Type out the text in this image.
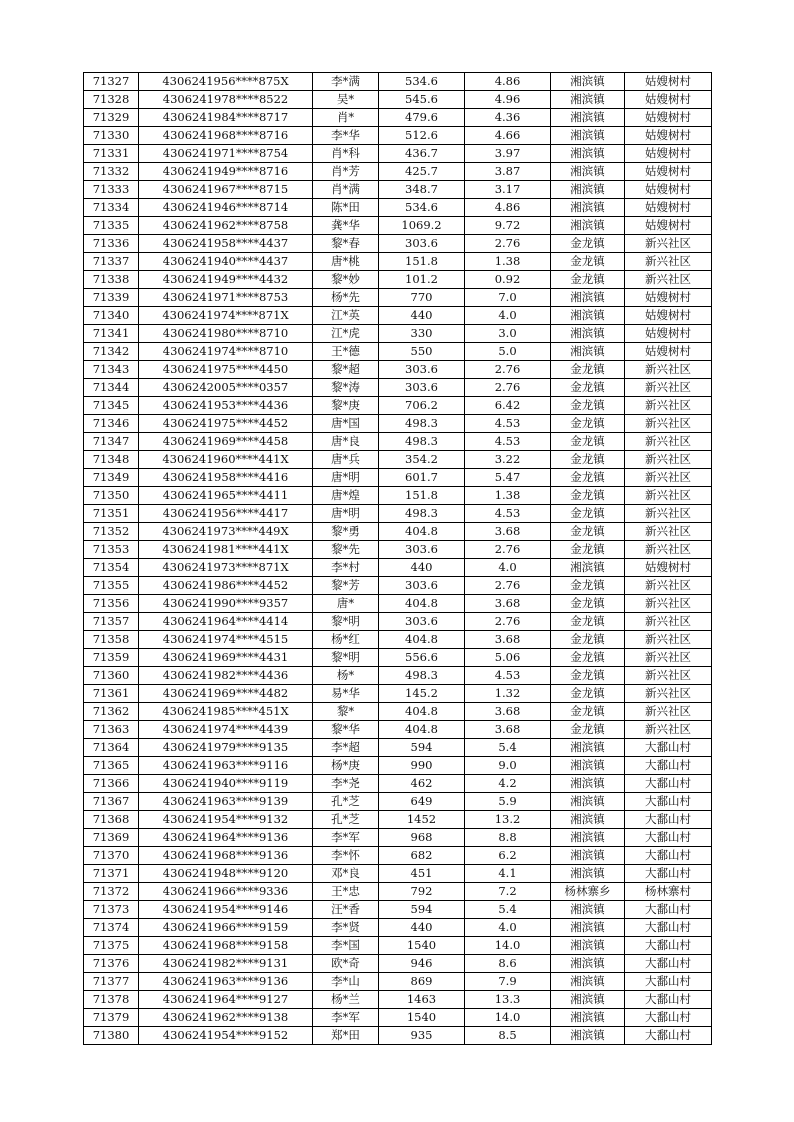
71327	4306241956****875X	李*满	534.6	4.86	湘滨镇	姑嫂树村
71328	4306241978****8522	吴*	545.6	4.96	湘滨镇	姑嫂树村
71329	4306241984****8717	肖*	479.6	4.36	湘滨镇	姑嫂树村
71330	4306241968****8716	李*华	512.6	4.66	湘滨镇	姑嫂树村
71331	4306241971****8754	肖*科	436.7	3.97	湘滨镇	姑嫂树村
71332	4306241949****8716	肖*芳	425.7	3.87	湘滨镇	姑嫂树村
71333	4306241967****8715	肖*满	348.7	3.17	湘滨镇	姑嫂树村
71334	4306241946****8714	陈*田	534.6	4.86	湘滨镇	姑嫂树村
71335	4306241962****8758	龚*华	1069.2	9.72	湘滨镇	姑嫂树村
71336	4306241958****4437	黎*春	303.6	2.76	金龙镇	新兴社区
71337	4306241940****4437	唐*桃	151.8	1.38	金龙镇	新兴社区
71338	4306241949****4432	黎*妙	101.2	0.92	金龙镇	新兴社区
71339	4306241971****8753	杨*先	770	7.0	湘滨镇	姑嫂树村
71340	4306241974****871X	江*英	440	4.0	湘滨镇	姑嫂树村
71341	4306241980****8710	江*虎	330	3.0	湘滨镇	姑嫂树村
71342	4306241974****8710	王*德	550	5.0	湘滨镇	姑嫂树村
71343	4306241975****4450	黎*超	303.6	2.76	金龙镇	新兴社区
71344	4306242005****0357	黎*涛	303.6	2.76	金龙镇	新兴社区
71345	4306241953****4436	黎*庚	706.2	6.42	金龙镇	新兴社区
71346	4306241975****4452	唐*国	498.3	4.53	金龙镇	新兴社区
71347	4306241969****4458	唐*良	498.3	4.53	金龙镇	新兴社区
71348	4306241960****441X	唐*兵	354.2	3.22	金龙镇	新兴社区
71349	4306241958****4416	唐*明	601.7	5.47	金龙镇	新兴社区
71350	4306241965****4411	唐*煌	151.8	1.38	金龙镇	新兴社区
71351	4306241956****4417	唐*明	498.3	4.53	金龙镇	新兴社区
71352	4306241973****449X	黎*勇	404.8	3.68	金龙镇	新兴社区
71353	4306241981****441X	黎*先	303.6	2.76	金龙镇	新兴社区
71354	4306241973****871X	李*村	440	4.0	湘滨镇	姑嫂树村
71355	4306241986****4452	黎*芳	303.6	2.76	金龙镇	新兴社区
71356	4306241990****9357	唐*	404.8	3.68	金龙镇	新兴社区
71357	4306241964****4414	黎*明	303.6	2.76	金龙镇	新兴社区
71358	4306241974****4515	杨*红	404.8	3.68	金龙镇	新兴社区
71359	4306241969****4431	黎*明	556.6	5.06	金龙镇	新兴社区
71360	4306241982****4436	杨*	498.3	4.53	金龙镇	新兴社区
71361	4306241969****4482	易*华	145.2	1.32	金龙镇	新兴社区
71362	4306241985****451X	黎*	404.8	3.68	金龙镇	新兴社区
71363	4306241974****4439	黎*华	404.8	3.68	金龙镇	新兴社区
71364	4306241979****9135	李*超	594	5.4	湘滨镇	大鄱山村
71365	4306241963****9116	杨*庚	990	9.0	湘滨镇	大鄱山村
71366	4306241940****9119	李*尧	462	4.2	湘滨镇	大鄱山村
71367	4306241963****9139	孔*芝	649	5.9	湘滨镇	大鄱山村
71368	4306241954****9132	孔*芝	1452	13.2	湘滨镇	大鄱山村
71369	4306241964****9136	李*军	968	8.8	湘滨镇	大鄱山村
71370	4306241968****9136	李*怀	682	6.2	湘滨镇	大鄱山村
71371	4306241948****9120	邓*良	451	4.1	湘滨镇	大鄱山村
71372	4306241966****9336	王*忠	792	7.2	杨林寨乡	杨林寨村
71373	4306241954****9146	汪*香	594	5.4	湘滨镇	大鄱山村
71374	4306241966****9159	李*贤	440	4.0	湘滨镇	大鄱山村
71375	4306241968****9158	李*国	1540	14.0	湘滨镇	大鄱山村
71376	4306241982****9131	欧*奇	946	8.6	湘滨镇	大鄱山村
71377	4306241963****9136	李*山	869	7.9	湘滨镇	大鄱山村
71378	4306241964****9127	杨*兰	1463	13.3	湘滨镇	大鄱山村
71379	4306241962****9138	李*军	1540	14.0	湘滨镇	大鄱山村
71380	4306241954****9152	郑*田	935	8.5	湘滨镇	大鄱山村
